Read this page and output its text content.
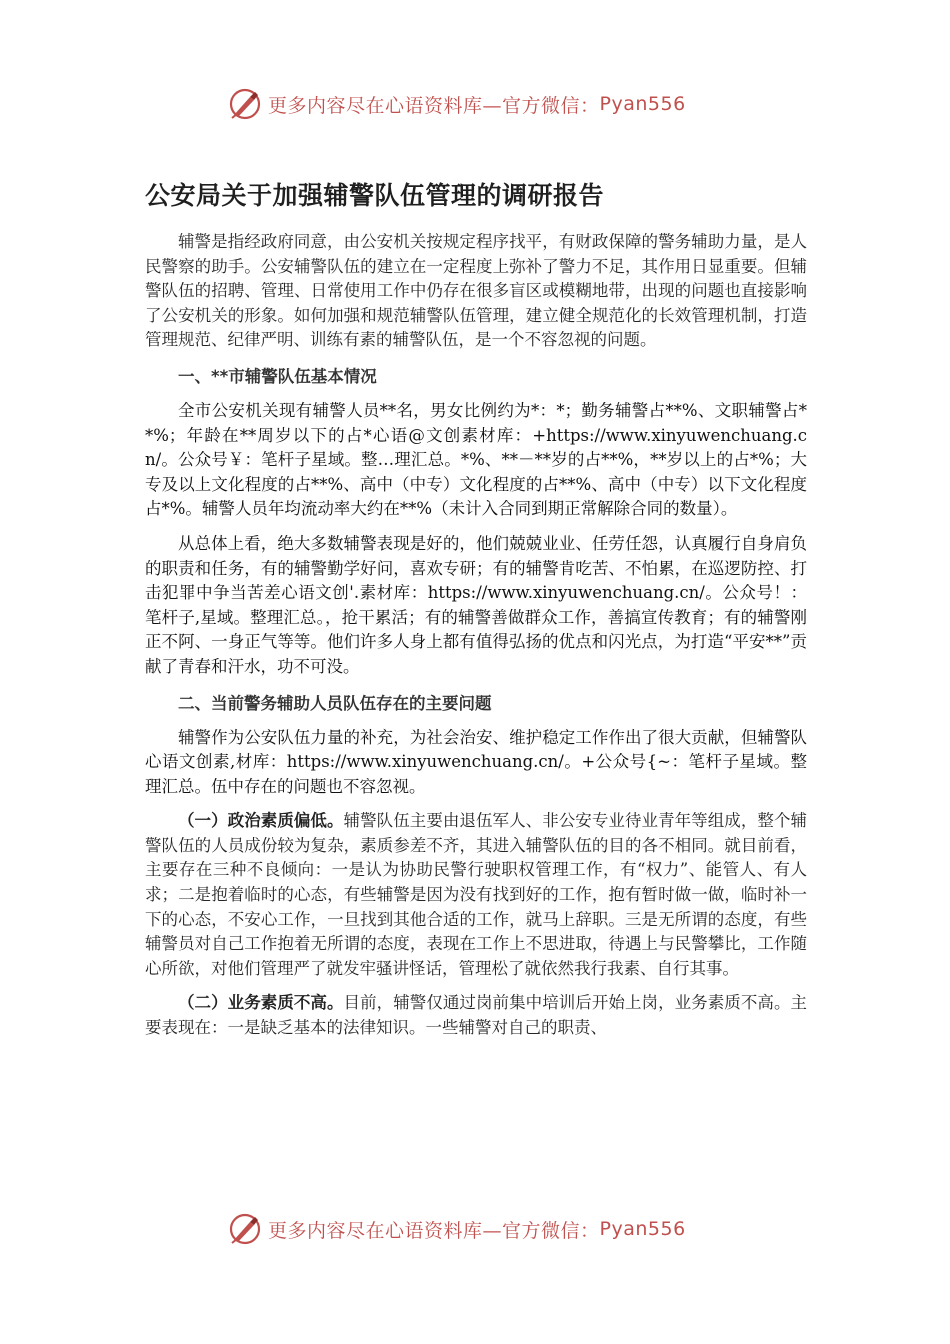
更多内容尽在心语资料库—官方微信： Pyan556
公安局关于加强辅警队伍管理的调研报告

辅警是指经政府同意，由公安机关按规定程序找平，有财政保障的警务辅助力量，是人民警察的助手。公安辅警队伍的建立在一定程度上弥补了警力不足，其作用日显重要。但辅警队伍的招聘、管理、日常使用工作中仍存在很多盲区或模糊地带，出现的问题也直接影响了公安机关的形象。如何加强和规范辅警队伍管理，建立健全规范化的长效管理机制，打造管理规范、纪律严明、训练有素的辅警队伍，是一个不容忽视的问题。

一、**市辅警队伍基本情况

全市公安机关现有辅警人员**名，男女比例约为*：*；勤务辅警占**%、文职辅警占**%；年龄在**周岁以下的占*心语@文创素材库：+https://www.xinyuwenchuang.cn/。公众号￥：笔杆子星域。整…理汇总。*%、**－**岁的占**%，**岁以上的占*%；大专及以上文化程度的占**%、高中（中专）文化程度的占**%、高中（中专）以下文化程度占*%。辅警人员年均流动率大约在**%（未计入合同到期正常解除合同的数量）。

从总体上看，绝大多数辅警表现是好的，他们兢兢业业、任劳任怨，认真履行自身肩负的职责和任务，有的辅警勤学好问，喜欢专研；有的辅警肯吃苦、不怕累，在巡逻防控、打击犯罪中争当苦差心语文创'.素材库：https://www.xinyuwenchuang.cn/。公众号！：笔杆子,星域。整理汇总。，抢干累活；有的辅警善做群众工作，善搞宣传教育；有的辅警刚正不阿、一身正气等等。他们许多人身上都有值得弘扬的优点和闪光点，为打造“平安**”贡献了青春和汗水，功不可没。

二、当前警务辅助人员队伍存在的主要问题

辅警作为公安队伍力量的补充，为社会治安、维护稳定工作作出了很大贡献，但辅警队心语文创素,材库：https://www.xinyuwenchuang.cn/。+公众号{~：笔杆子星域。整理汇总。伍中存在的问题也不容忽视。

（一）政治素质偏低。辅警队伍主要由退伍军人、非公安专业待业青年等组成，整个辅警队伍的人员成份较为复杂，素质参差不齐，其进入辅警队伍的目的各不相同。就目前看，主要存在三种不良倾向：一是认为协助民警行驶职权管理工作，有“权力”、能管人、有人求；二是抱着临时的心态，有些辅警是因为没有找到好的工作，抱有暂时做一做，临时补一下的心态，不安心工作，一旦找到其他合适的工作，就马上辞职。三是无所谓的态度，有些辅警员对自己工作抱着无所谓的态度，表现在工作上不思进取，待遇上与民警攀比，工作随心所欲，对他们管理严了就发牢骚讲怪话，管理松了就依然我行我素、自行其事。

（二）业务素质不高。目前，辅警仅通过岗前集中培训后开始上岗，业务素质不高。主要表现在：一是缺乏基本的法律知识。一些辅警对自己的职责、

更多内容尽在心语资料库—官方微信： Pyan556
